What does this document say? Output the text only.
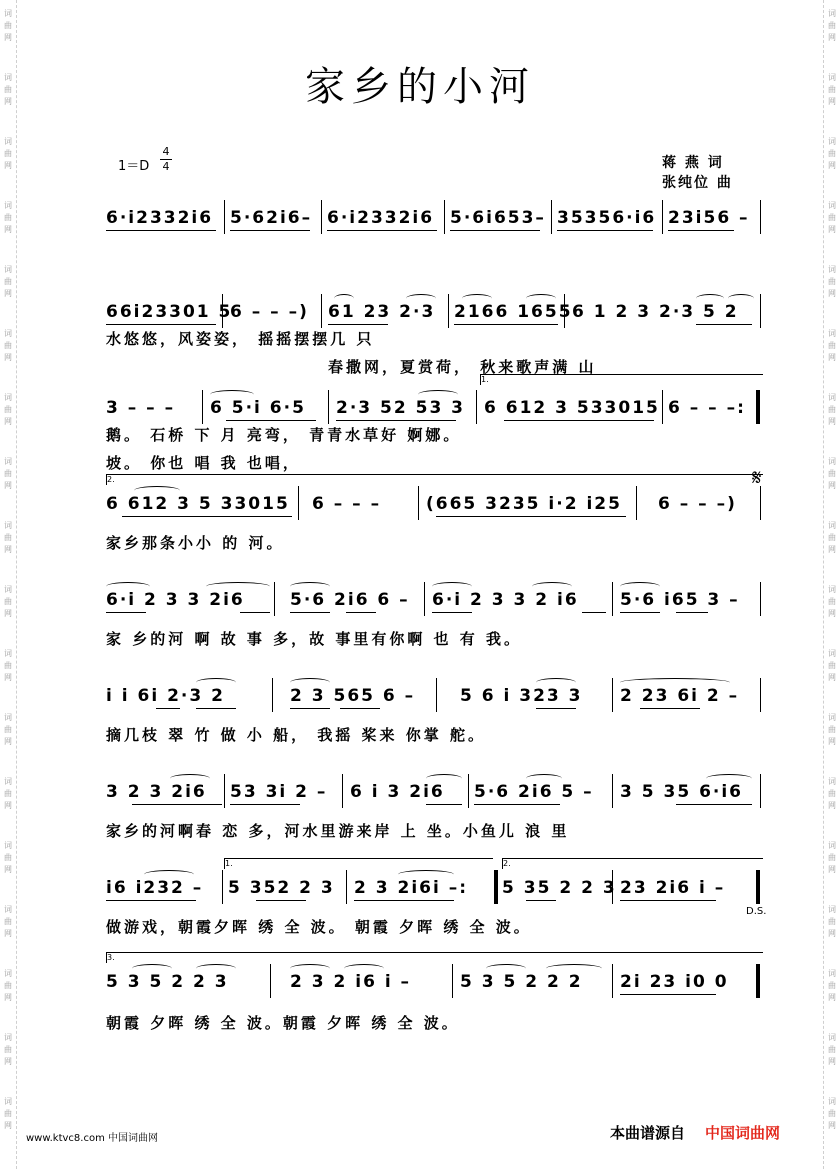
词曲网
词曲网
词曲网
词曲网
词曲网
词曲网
词曲网
词曲网
词曲网
词曲网
词曲网
词曲网
词曲网
词曲网
词曲网
词曲网
词曲网
词曲网
词曲网
词曲网
词曲网
词曲网
词曲网
词曲网
词曲网
词曲网
词曲网
词曲网
词曲网
词曲网
词曲网
词曲网
词曲网
词曲网
词曲网
词曲网
家乡的小河
1＝D
4
4	蒋 燕 词
张纯位 曲
6·i2332i6 5·62i6– 6·i2332i6 5·6i653– 35356·i6 23i56 –
66i23301 5
6 – – –) 61 23 2·3 2166 1655 6 1 2 3 2·3 5 2
水悠悠，风姿姿， 摇摇摆摆几 只
春撒网，夏赏荷， 秋来歌声满 山
1.
3 – – – 6 5·i 6·5 2·3 52 53 3 6 612 3 533015 6 – – –:
鹅。 石桥 下 月 亮弯， 青青水草好 婀娜。
坡。 你也 唱 我 也唱，
2.
6 612 3 5 33015 6 – – –	(665 3235 i·2 i25 6 – – –)
𝄋
家乡那条小小 的 河。
6·i 2 3 3 2i6	5·6 2i6 6 – 6·i 2 3 3 2 i6 5·6 i65 3 –
家 乡的河 啊 故 事 多，故 事里有你啊 也 有 我。
i i 6i 2·3 2	2 3 565 6 –	5 6 i 323 3 2 23 6i 2 –
摘几枝 翠 竹 做 小 船， 我摇 桨来 你掌 舵。
3 2 3 2i6 53 3i 2 – 6 i 3 2i6 5·6 2i6 5 – 3 5 35 6·i6
家乡的河啊春 恋 多，河水里游来岸 上 坐。小鱼儿 浪 里
1.	2.
i6 i232 – 5 352 2 3 2 3 2i6i –: 5 35 2 2 3 23 2i6 i –
D.S.
做游戏，朝霞夕晖 绣 全 波。 朝霞 夕晖 绣 全 波。
3.
5 3 5 2 2 3	2 3 2 i6 i –	5 3 5 2 2 2 2i 23 i0 0
朝霞 夕晖 绣 全 波。朝霞 夕晖 绣 全 波。
www.ktvc8.com 中国词曲网	本曲谱源自 中国词曲网
